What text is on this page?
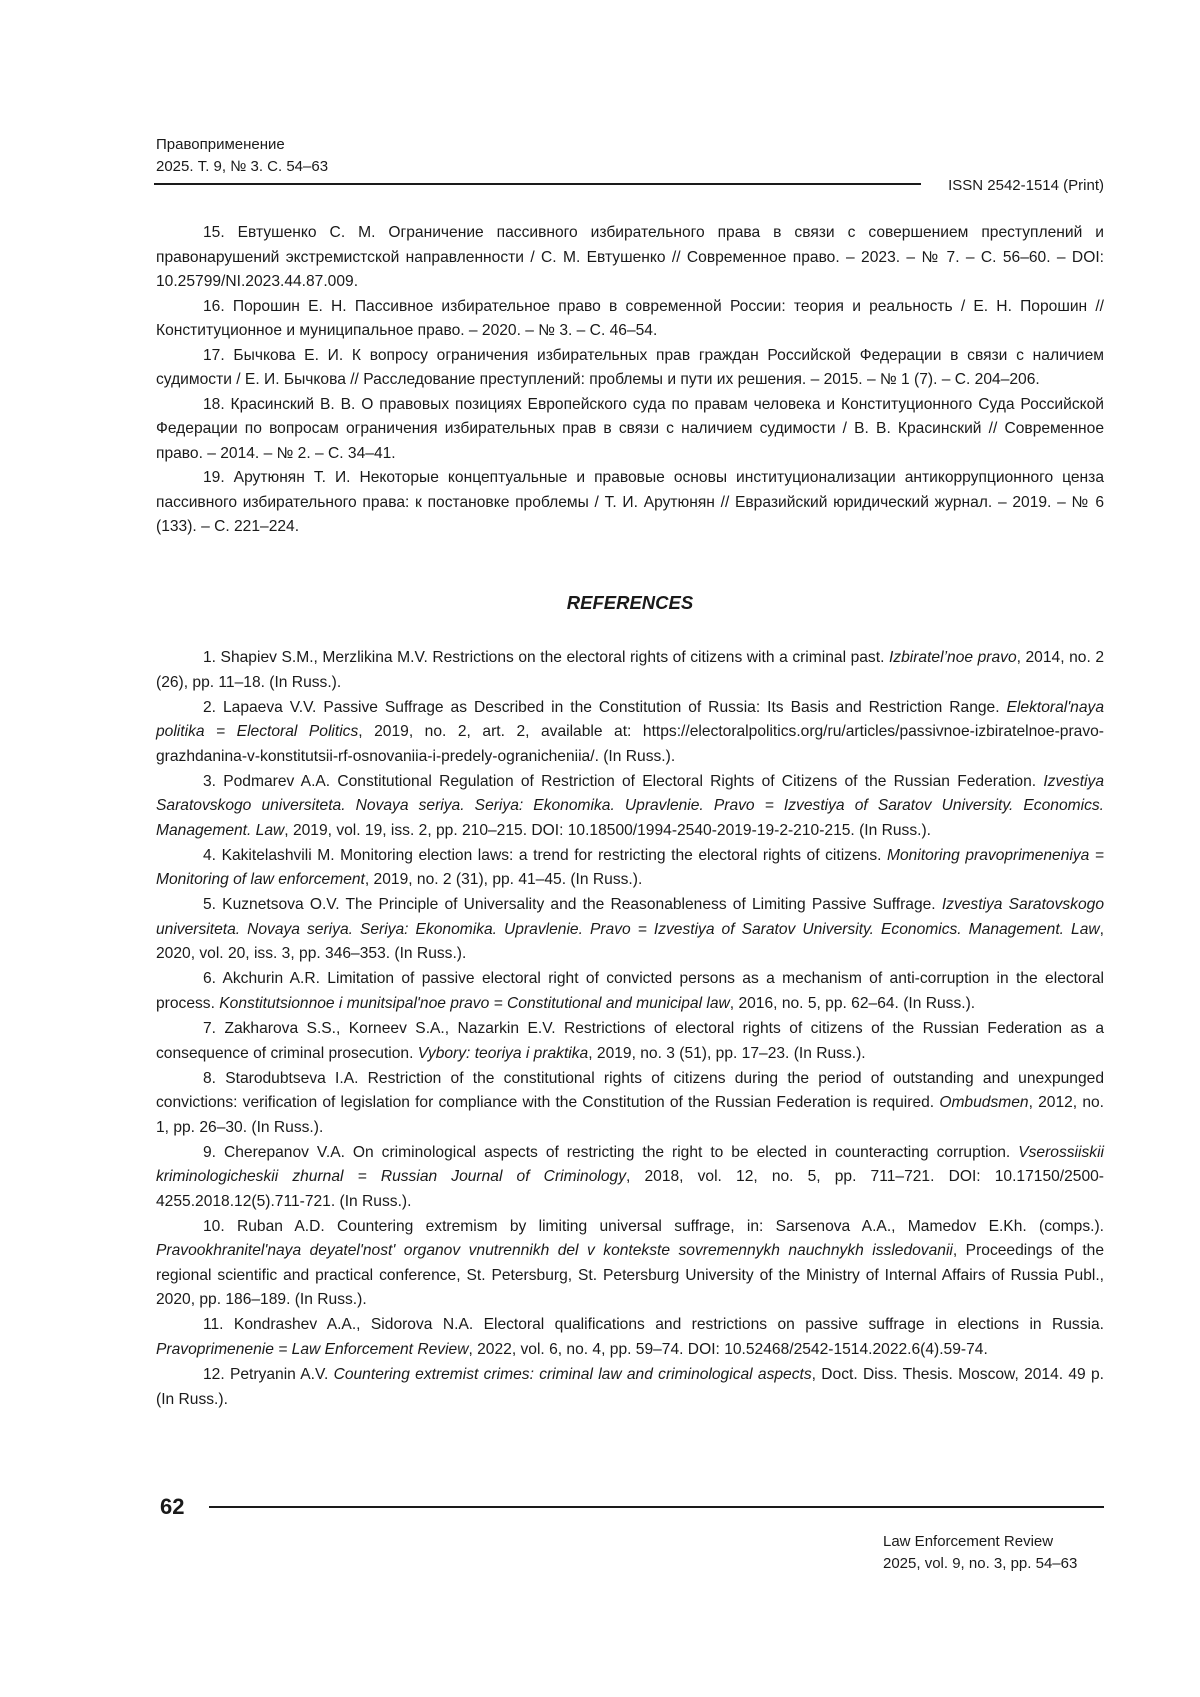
Правоприменение
2025. Т. 9, № 3. С. 54–63
ISSN 2542-1514 (Print)

15. Евтушенко С. М. Ограничение пассивного избирательного права в связи с совершением преступлений и правонарушений экстремистской направленности / С. М. Евтушенко // Современное право. – 2023. – № 7. – С. 56–60. – DOI: 10.25799/NI.2023.44.87.009.

16. Порошин Е. Н. Пассивное избирательное право в современной России: теория и реальность / Е. Н. Порошин // Конституционное и муниципальное право. – 2020. – № 3. – С. 46–54.

17. Бычкова Е. И. К вопросу ограничения избирательных прав граждан Российской Федерации в связи с наличием судимости / Е. И. Бычкова // Расследование преступлений: проблемы и пути их решения. – 2015. – № 1 (7). – С. 204–206.

18. Красинский В. В. О правовых позициях Европейского суда по правам человека и Конституционного Суда Российской Федерации по вопросам ограничения избирательных прав в связи с наличием судимости / В. В. Красинский // Современное право. – 2014. – № 2. – С. 34–41.

19. Арутюнян Т. И. Некоторые концептуальные и правовые основы институционализации антикоррупционного ценза пассивного избирательного права: к постановке проблемы / Т. И. Арутюнян // Евразийский юридический журнал. – 2019. – № 6 (133). – С. 221–224.

REFERENCES

1. Shapiev S.M., Merzlikina M.V. Restrictions on the electoral rights of citizens with a criminal past. Izbiratel’noe pravo, 2014, no. 2 (26), pp. 11–18. (In Russ.).

2. Lapaeva V.V. Passive Suffrage as Described in the Constitution of Russia: Its Basis and Restriction Range. Elektoral'naya politika = Electoral Politics, 2019, no. 2, art. 2, available at: https://electoralpolitics.org/ru/articles/passivnoe-izbiratelnoe-pravo-grazhdanina-v-konstitutsii-rf-osnovaniia-i-predely-ogranicheniia/. (In Russ.).

3. Podmarev A.A. Constitutional Regulation of Restriction of Electoral Rights of Citizens of the Russian Federation. Izvestiya Saratovskogo universiteta. Novaya seriya. Seriya: Ekonomika. Upravlenie. Pravo = Izvestiya of Saratov University. Economics. Management. Law, 2019, vol. 19, iss. 2, pp. 210–215. DOI: 10.18500/1994-2540-2019-19-2-210-215. (In Russ.).

4. Kakitelashvili M. Monitoring election laws: a trend for restricting the electoral rights of citizens. Monitoring pravoprimeneniya = Monitoring of law enforcement, 2019, no. 2 (31), pp. 41–45. (In Russ.).

5. Kuznetsova O.V. The Principle of Universality and the Reasonableness of Limiting Passive Suffrage. Izvestiya Saratovskogo universiteta. Novaya seriya. Seriya: Ekonomika. Upravlenie. Pravo = Izvestiya of Saratov University. Economics. Management. Law, 2020, vol. 20, iss. 3, pp. 346–353. (In Russ.).

6. Akchurin A.R. Limitation of passive electoral right of convicted persons as a mechanism of anti-corruption in the electoral process. Konstitutsionnoe i munitsipal'noe pravo = Constitutional and municipal law, 2016, no. 5, pp. 62–64. (In Russ.).

7. Zakharova S.S., Korneev S.A., Nazarkin E.V. Restrictions of electoral rights of citizens of the Russian Federation as a consequence of criminal prosecution. Vybory: teoriya i praktika, 2019, no. 3 (51), pp. 17–23. (In Russ.).

8. Starodubtseva I.A. Restriction of the constitutional rights of citizens during the period of outstanding and unexpunged convictions: verification of legislation for compliance with the Constitution of the Russian Federation is required. Ombudsmen, 2012, no. 1, pp. 26–30. (In Russ.).

9. Cherepanov V.A. On criminological aspects of restricting the right to be elected in counteracting corruption. Vserossiiskii kriminologicheskii zhurnal = Russian Journal of Criminology, 2018, vol. 12, no. 5, pp. 711–721. DOI: 10.17150/2500-4255.2018.12(5).711-721. (In Russ.).

10. Ruban A.D. Countering extremism by limiting universal suffrage, in: Sarsenova A.A., Mamedov E.Kh. (comps.). Pravookhranitel'naya deyatel'nost' organov vnutrennikh del v kontekste sovremennykh nauchnykh issledovanii, Proceedings of the regional scientific and practical conference, St. Petersburg, St. Petersburg University of the Ministry of Internal Affairs of Russia Publ., 2020, pp. 186–189. (In Russ.).

11. Kondrashev A.A., Sidorova N.A. Electoral qualifications and restrictions on passive suffrage in elections in Russia. Pravoprimenenie = Law Enforcement Review, 2022, vol. 6, no. 4, pp. 59–74. DOI: 10.52468/2542-1514.2022.6(4).59-74.

12. Petryanin A.V. Countering extremist crimes: criminal law and criminological aspects, Doct. Diss. Thesis. Moscow, 2014. 49 p. (In Russ.).

62
Law Enforcement Review
2025, vol. 9, no. 3, pp. 54–63
